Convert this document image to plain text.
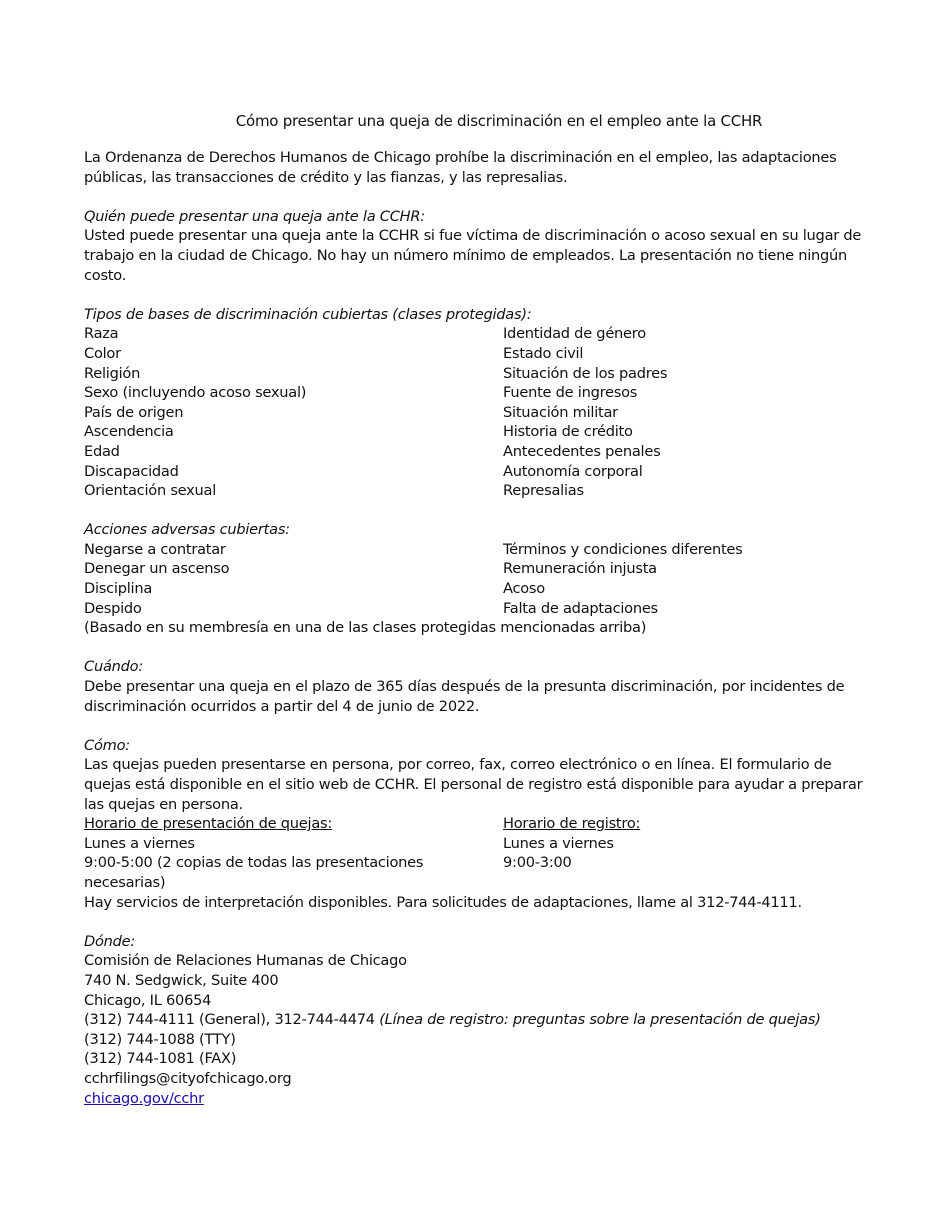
Cómo presentar una queja de discriminación en el empleo ante la CCHR

La Ordenanza de Derechos Humanos de Chicago prohíbe la discriminación en el empleo, las adaptaciones públicas, las transacciones de crédito y las fianzas, y las represalias.

Quién puede presentar una queja ante la CCHR:

Usted puede presentar una queja ante la CCHR si fue víctima de discriminación o acoso sexual en su lugar de trabajo en la ciudad de Chicago. No hay un número mínimo de empleados. La presentación no tiene ningún costo.

Tipos de bases de discriminación cubiertas (clases protegidas):
Raza
Color
Religión
Sexo (incluyendo acoso sexual)
País de origen
Ascendencia
Edad
Discapacidad
Orientación sexual
Identidad de género
Estado civil
Situación de los padres
Fuente de ingresos
Situación militar
Historia de crédito
Antecedentes penales
Autonomía corporal
Represalias
Acciones adversas cubiertas:
Negarse a contratar
Denegar un ascenso
Disciplina
Despido
Términos y condiciones diferentes
Remuneración injusta
Acoso
Falta de adaptaciones
(Basado en su membresía en una de las clases protegidas mencionadas arriba)
Cuándo:

Debe presentar una queja en el plazo de 365 días después de la presunta discriminación, por incidentes de discriminación ocurridos a partir del 4 de junio de 2022.

Cómo:

Las quejas pueden presentarse en persona, por correo, fax, correo electrónico o en línea. El formulario de quejas está disponible en el sitio web de CCHR. El personal de registro está disponible para ayudar a preparar las quejas en persona.

Horario de presentación de quejas:
Lunes a viernes
9:00-5:00 (2 copias de todas las presentaciones
necesarias)
Horario de registro:
Lunes a viernes
9:00-3:00
Hay servicios de interpretación disponibles. Para solicitudes de adaptaciones, llame al 312-744-4111.
Dónde:
Comisión de Relaciones Humanas de Chicago
740 N. Sedgwick, Suite 400
Chicago, IL 60654
(312) 744-4111 (General), 312-744-4474 (Línea de registro: preguntas sobre la presentación de quejas)
(312) 744-1088 (TTY)
(312) 744-1081 (FAX)
cchrfilings@cityofchicago.org
chicago.gov/cchr
